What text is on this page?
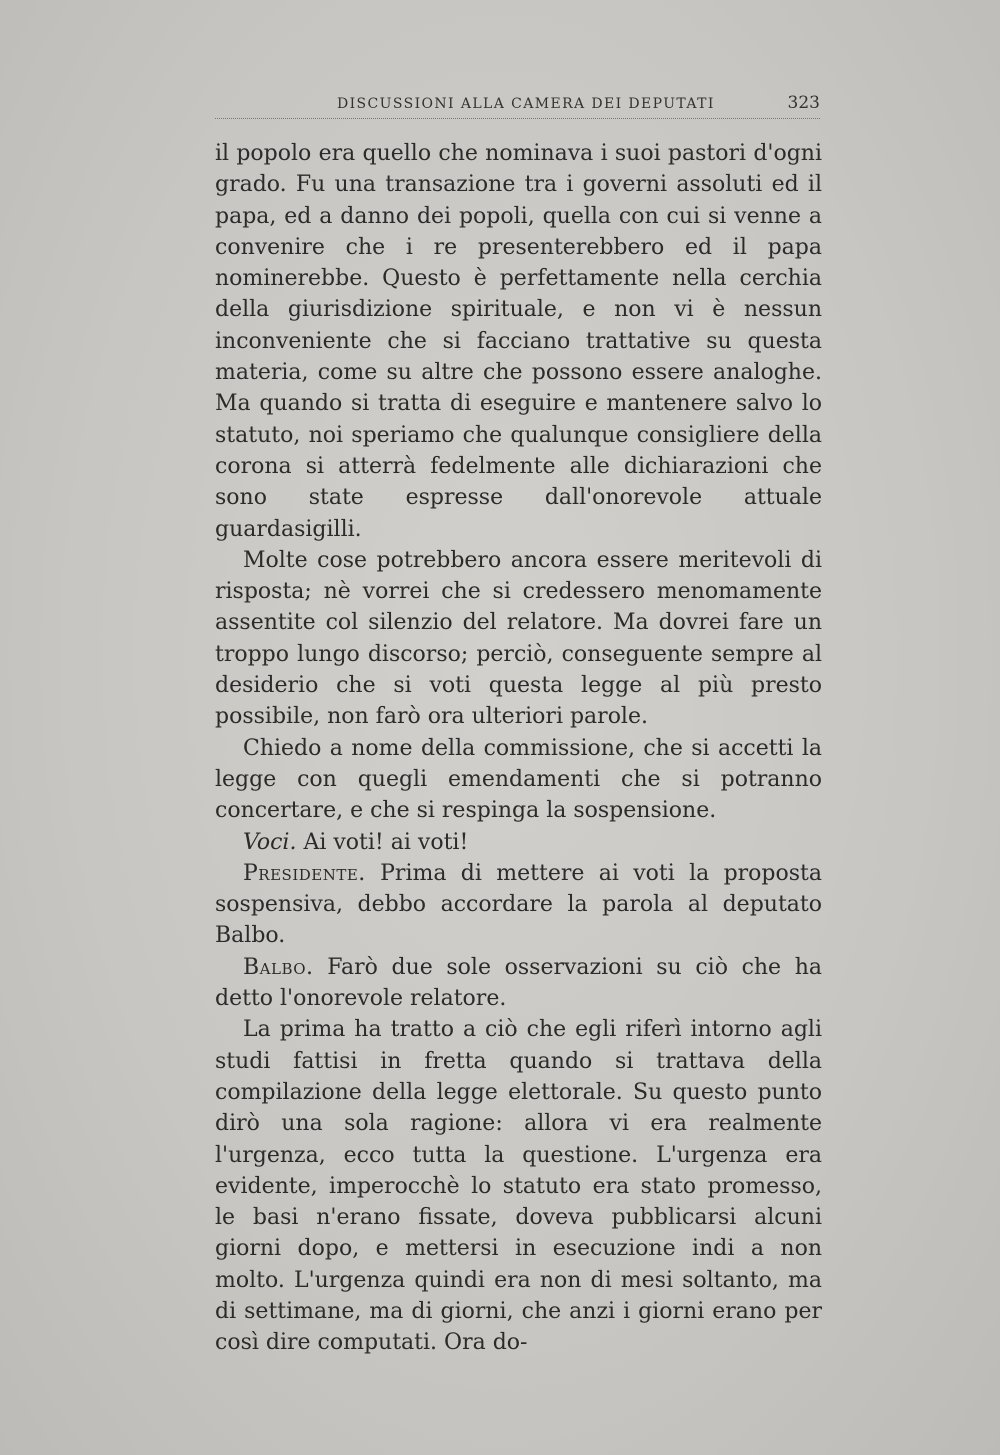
DISCUSSIONI ALLA CAMERA DEI DEPUTATI	323

il popolo era quello che nominava i suoi pastori d'ogni grado. Fu una transazione tra i governi assoluti ed il papa, ed a danno dei popoli, quella con cui si venne a convenire che i re presenterebbero ed il papa nominerebbe. Questo è perfettamente nella cerchia della giurisdizione spirituale, e non vi è nessun inconveniente che si facciano trattative su questa materia, come su altre che possono essere analoghe. Ma quando si tratta di eseguire e mantenere salvo lo statuto, noi speriamo che qualunque consigliere della corona si atterrà fedelmente alle dichiarazioni che sono state espresse dall'onorevole attuale guardasigilli.

Molte cose potrebbero ancora essere meritevoli di risposta; nè vorrei che si credessero menomamente assentite col silenzio del relatore. Ma dovrei fare un troppo lungo discorso; perciò, conseguente sempre al desiderio che si voti questa legge al più presto possibile, non farò ora ulteriori parole.

Chiedo a nome della commissione, che si accetti la legge con quegli emendamenti che si potranno concertare, e che si respinga la sospensione.

Voci. Ai voti! ai voti!

Presidente. Prima di mettere ai voti la proposta sospensiva, debbo accordare la parola al deputato Balbo.

Balbo. Farò due sole osservazioni su ciò che ha detto l'onorevole relatore.

La prima ha tratto a ciò che egli riferì intorno agli studi fattisi in fretta quando si trattava della compilazione della legge elettorale. Su questo punto dirò una sola ragione: allora vi era realmente l'urgenza, ecco tutta la questione. L'urgenza era evidente, imperocchè lo statuto era stato promesso, le basi n'erano fissate, doveva pubblicarsi alcuni giorni dopo, e mettersi in esecuzione indi a non molto. L'urgenza quindi era non di mesi soltanto, ma di settimane, ma di giorni, che anzi i giorni erano per così dire computati. Ora do-
